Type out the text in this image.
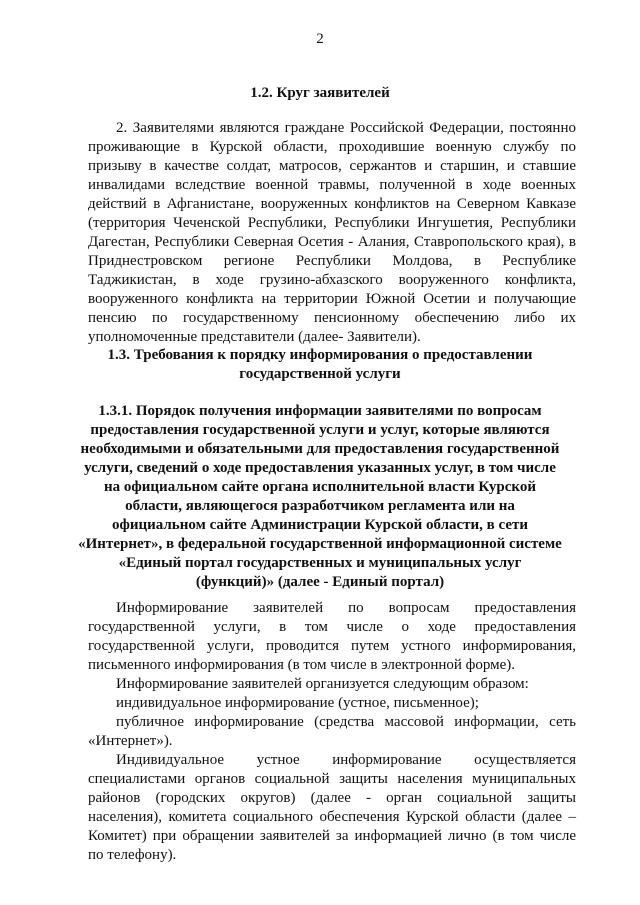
2
1.2. Круг заявителей
2. Заявителями являются граждане Российской Федерации, постоянно
проживающие в Курской области, проходившие военную службу по
призыву в качестве солдат, матросов, сержантов и старшин, и ставшие
инвалидами вследствие военной травмы, полученной в ходе военных
действий в Афганистане, вооруженных конфликтов на Северном Кавказе
(территория Чеченской Республики, Республики Ингушетия, Республики
Дагестан, Республики Северная Осетия - Алания, Ставропольского края), в
Приднестровском регионе Республики Молдова, в Республике
Таджикистан, в ходе грузино-абхазского вооруженного конфликта,
вооруженного конфликта на территории Южной Осетии и получающие
пенсию по государственному пенсионному обеспечению либо их
уполномоченные представители (далее- Заявители).
1.3. Требования к порядку информирования о предоставлении
государственной услуги
1.3.1. Порядок получения информации заявителями по вопросам
предоставления государственной услуги и услуг, которые являются
необходимыми и обязательными для предоставления государственной
услуги, сведений о ходе предоставления указанных услуг, в том числе
на официальном сайте органа исполнительной власти Курской
области, являющегося разработчиком регламента или на
официальном сайте Администрации Курской области, в сети
«Интернет», в федеральной государственной информационной системе
«Единый портал государственных и муниципальных услуг
(функций)» (далее - Единый портал)
Информирование заявителей по вопросам предоставления
государственной услуги, в том числе о ходе предоставления
государственной услуги, проводится путем устного информирования,
письменного информирования (в том числе в электронной форме).
Информирование заявителей организуется следующим образом:
индивидуальное информирование (устное, письменное);
публичное информирование (средства массовой информации, сеть
«Интернет»).
Индивидуальное устное информирование осуществляется
специалистами органов социальной защиты населения муниципальных
районов (городских округов) (далее - орган социальной защиты
населения), комитета социального обеспечения Курской области (далее –
Комитет) при обращении заявителей за информацией лично (в том числе
по телефону).
